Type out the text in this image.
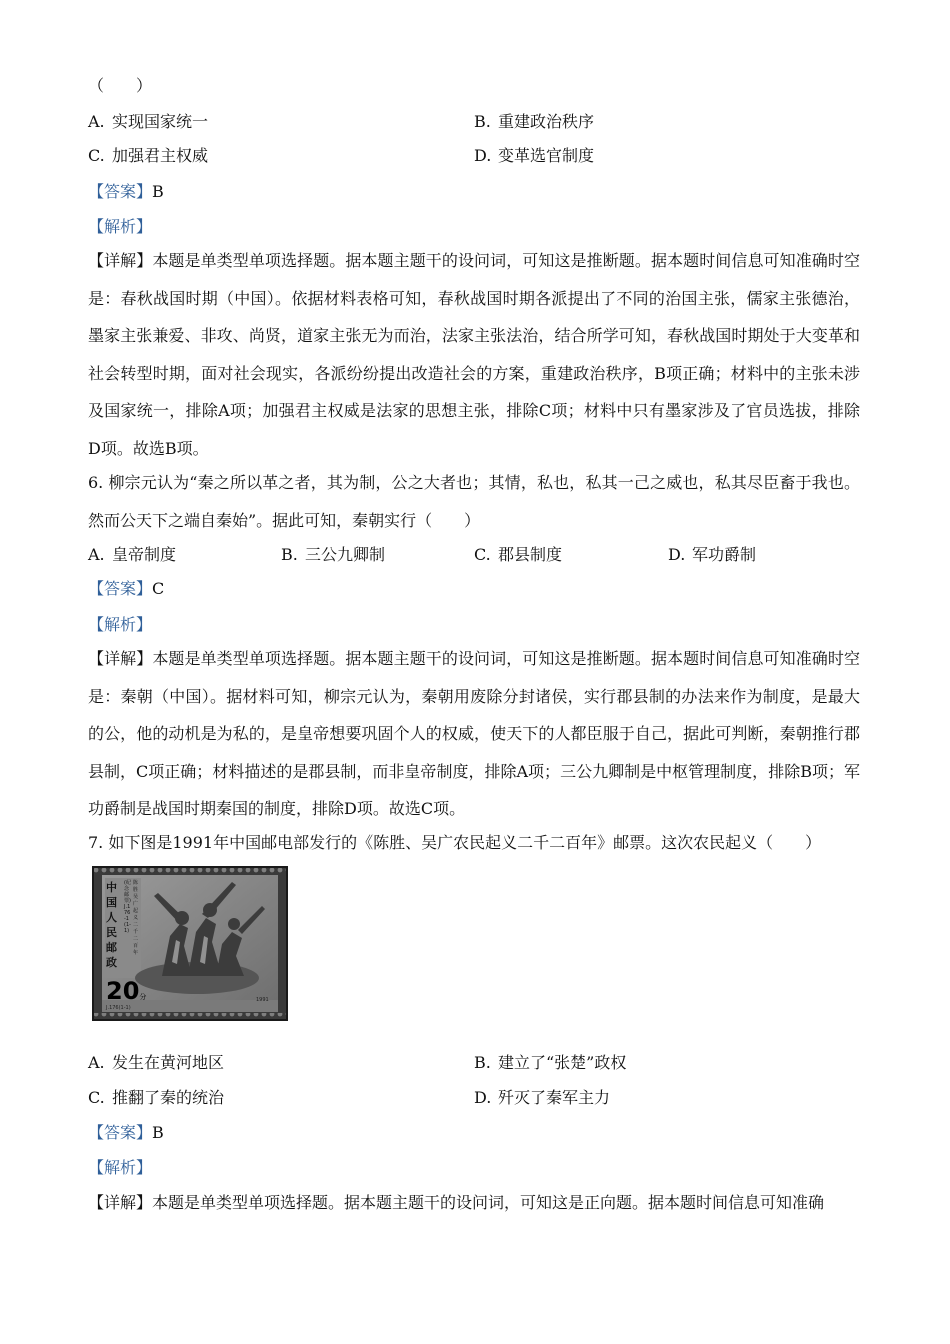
（　　）
A. 实现国家统一	B. 重建政治秩序
C. 加强君主权威	D. 变革选官制度
【答案】B
【解析】
【详解】本题是单类型单项选择题。据本题主题干的设问词，可知这是推断题。据本题时间信息可知准确时空是：春秋战国时期（中国）。依据材料表格可知，春秋战国时期各派提出了不同的治国主张，儒家主张德治，墨家主张兼爱、非攻、尚贤，道家主张无为而治，法家主张法治，结合所学可知，春秋战国时期处于大变革和社会转型时期，面对社会现实，各派纷纷提出改造社会的方案，重建政治秩序，B项正确；材料中的主张未涉及国家统一，排除A项；加强君主权威是法家的思想主张，排除C项；材料中只有墨家涉及了官员选拔，排除D项。故选B项。
6. 柳宗元认为“秦之所以革之者，其为制，公之大者也；其情，私也，私其一己之威也，私其尽臣畜于我也。然而公天下之端自秦始”。据此可知，秦朝实行（　　）
A. 皇帝制度	B. 三公九卿制	C. 郡县制度	D. 军功爵制
【答案】C
【解析】
【详解】本题是单类型单项选择题。据本题主题干的设问词，可知这是推断题。据本题时间信息可知准确时空是：秦朝（中国）。据材料可知，柳宗元认为，秦朝用废除分封诸侯，实行郡县制的办法来作为制度，是最大的公，他的动机是为私的，是皇帝想要巩固个人的权威，使天下的人都臣服于自己，据此可判断，秦朝推行郡县制，C项正确；材料描述的是郡县制，而非皇帝制度，排除A项；三公九卿制是中枢管理制度，排除B项；军功爵制是战国时期秦国的制度，排除D项。故选C项。
7. 如下图是1991年中国邮电部发行的《陈胜、吴广农民起义二千二百年》邮票。这次农民起义（　　）
中国人民邮政
(纪念邮票)J.176-1(1-1)
陈胜吴广起义二千二百年
20分
J.176(1-1)
1991
A. 发生在黄河地区	B. 建立了“张楚”政权
C. 推翻了秦的统治	D. 歼灭了秦军主力
【答案】B
【解析】
【详解】本题是单类型单项选择题。据本题主题干的设问词，可知这是正向题。据本题时间信息可知准确
